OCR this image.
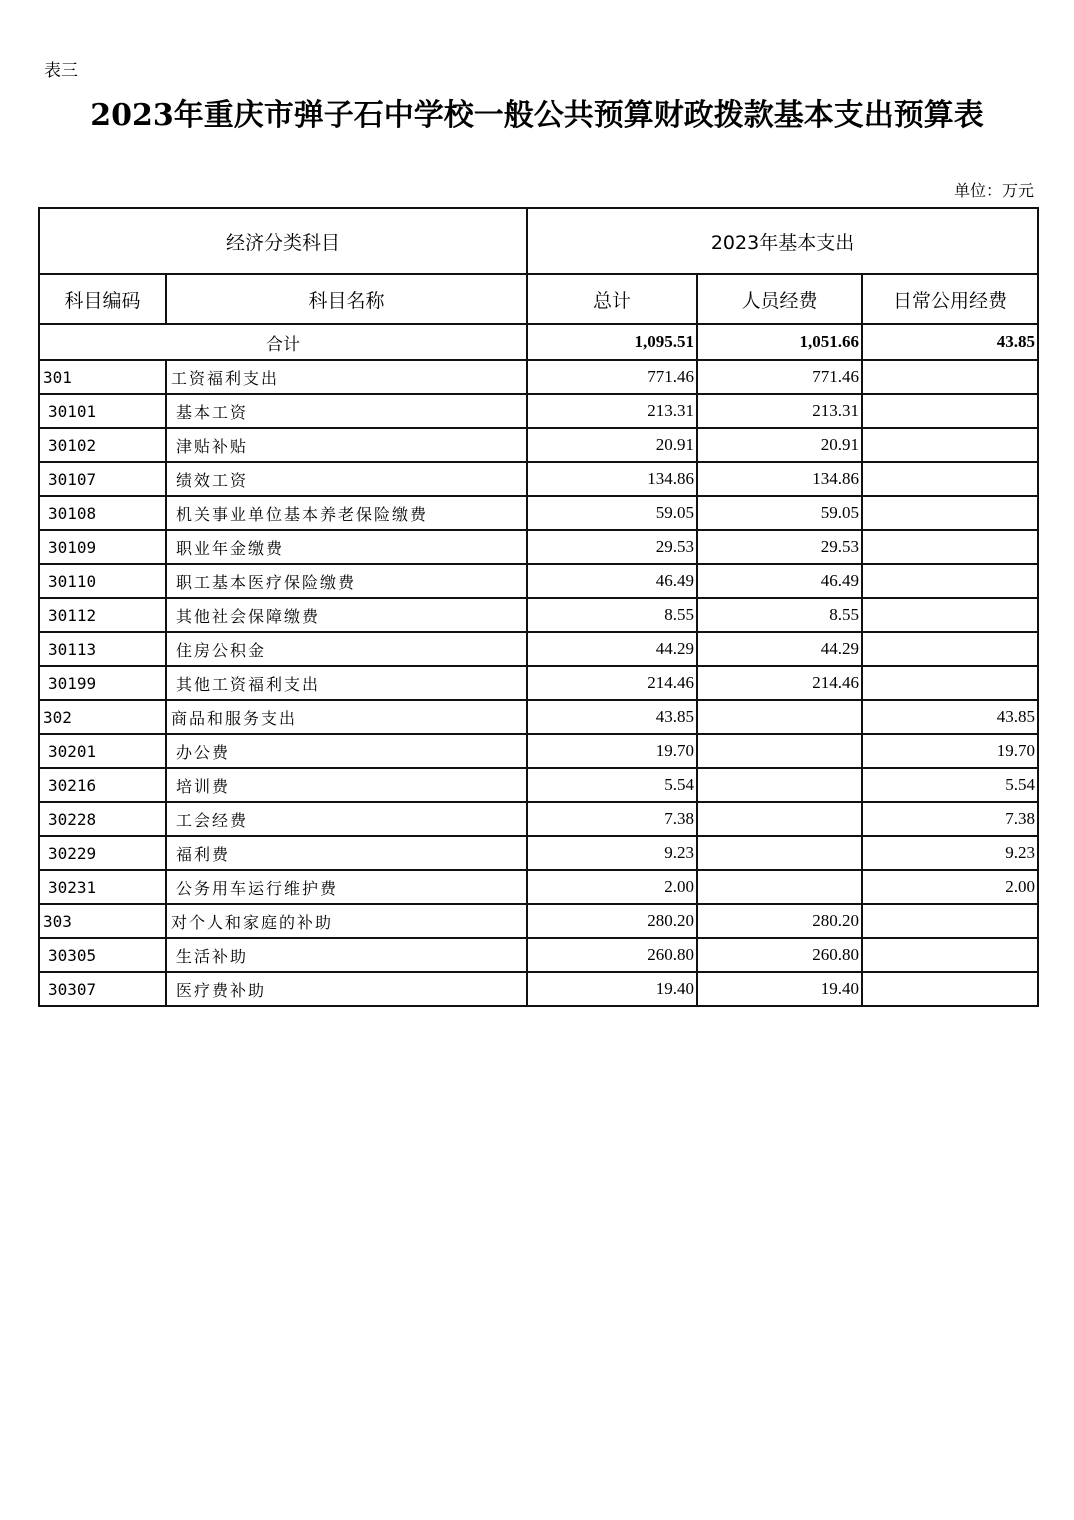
表三
2023年重庆市弹子石中学校一般公共预算财政拨款基本支出预算表
单位：万元
经济分类科目		2023年基本支出		
科目编码	科目名称	总计	人员经费	日常公用经费
合计		1,095.51	1,051.66	43.85
301	工资福利支出	771.46	771.46	
30101	基本工资	213.31	213.31	
30102	津贴补贴	20.91	20.91	
30107	绩效工资	134.86	134.86	
30108	机关事业单位基本养老保险缴费	59.05	59.05	
30109	职业年金缴费	29.53	29.53	
30110	职工基本医疗保险缴费	46.49	46.49	
30112	其他社会保障缴费	8.55	8.55	
30113	住房公积金	44.29	44.29	
30199	其他工资福利支出	214.46	214.46	
302	商品和服务支出	43.85		43.85
30201	办公费	19.70		19.70
30216	培训费	5.54		5.54
30228	工会经费	7.38		7.38
30229	福利费	9.23		9.23
30231	公务用车运行维护费	2.00		2.00
303	对个人和家庭的补助	280.20	280.20	
30305	生活补助	260.80	260.80	
30307	医疗费补助	19.40	19.40	
